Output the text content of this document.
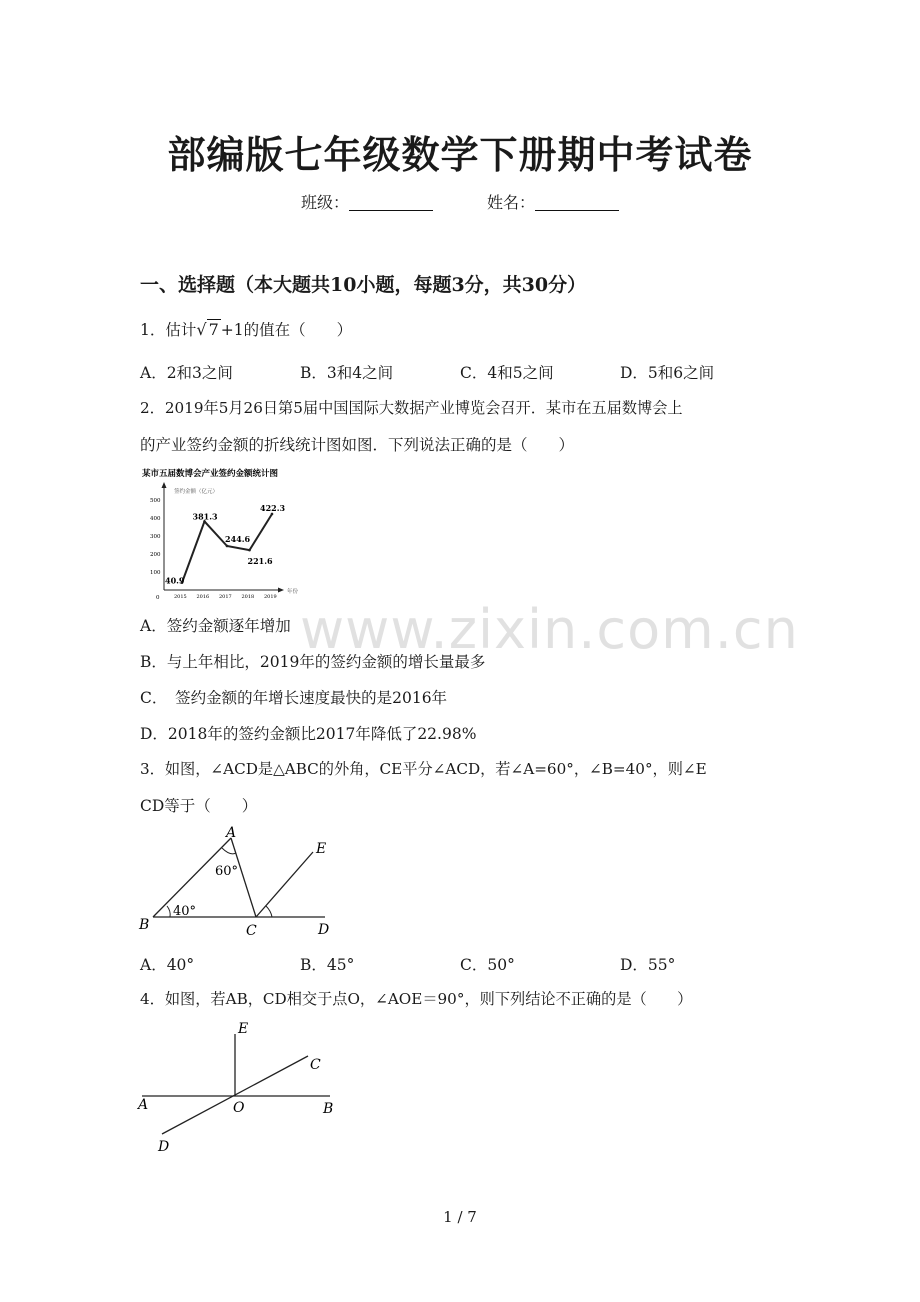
部编版七年级数学下册期中考试卷
班级：	姓名：
一、选择题（本大题共10小题，每题3分，共30分）
1．估计√ 7 +1的值在（　　）
A．2和3之间	B．3和4之间	C．4和5之间	D．5和6之间
2．2019年5月26日第5届中国国际大数据产业博览会召开．某市在五届数博会上
的产业签约金额的折线统计图如图．下列说法正确的是（　　）
某市五届数博会产业签约金额统计图
签约金额（亿元）
年份
0
100
200
300
400
500
2015 2016 2017 2018 2019
40.9
381.3
244.6
221.6
422.3
A．签约金额逐年增加
B．与上年相比，2019年的签约金额的增长量最多
C．　签约金额的年增长速度最快的是2016年
D．2018年的签约金额比2017年降低了22.98%
3．如图，∠ACD是△ABC的外角，CE平分∠ACD，若∠A=60°，∠B=40°，则∠E
CD等于（　　）
A
B	C	D
E
60°
40°
A．40°	B．45°	C．50°	D．55°
4．如图，若AB，CD相交于点O，∠AOE＝90°，则下列结论不正确的是（　　）
E
C
A	O	B
D
www.zixin.com.cn
1 / 7
